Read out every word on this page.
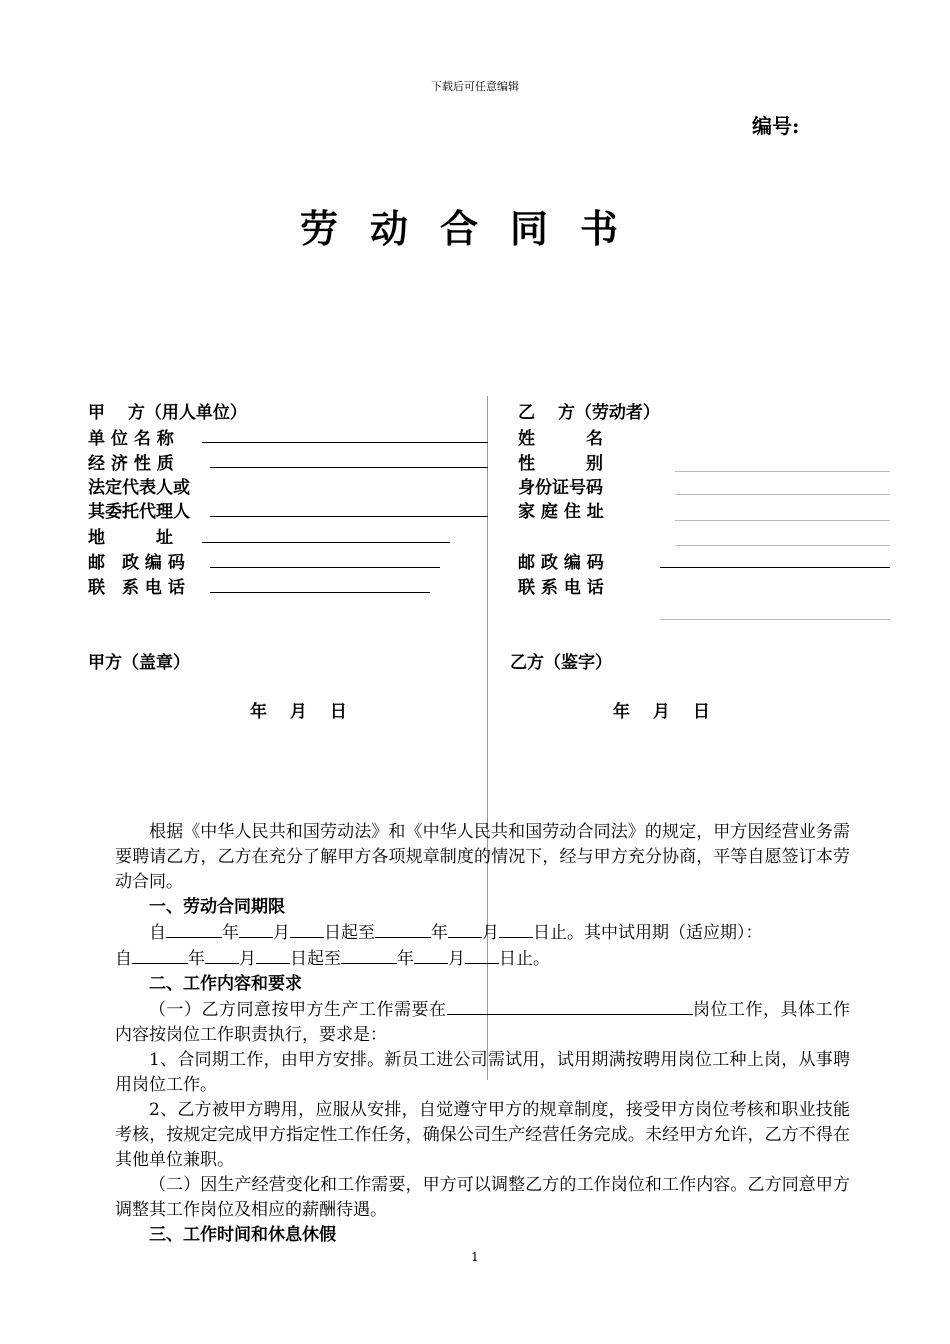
下载后可任意编辑
编号:
劳动合同书
甲　 方（用人单位）
单 位 名 称
经 济 性 质
法定代表人或
其委托代理人
地　　　址
邮　政 编 码
联　系 电 话
乙　 方（劳动者）
姓　　　名
性　　　别
身份证号码
家 庭 住 址
邮 政 编 码
联 系 电 话
甲方（盖章）	乙方（鉴字）
年　 月　 日	年　 月　 日

根据《中华人民共和国劳动法》和《中华人民共和国劳动合同法》的规定，甲方因经营业务需要聘请乙方，乙方在充分了解甲方各项规章制度的情况下，经与甲方充分协商，平等自愿签订本劳动合同。

一、劳动合同期限

自	年 月 日起至	年 月 日止。其中试用期（适应期）：

自	年 月 日起至	年 月 日止。

二、工作内容和要求

（一）乙方同意按甲方生产工作需要在	岗位工作，具体工作内容按岗位工作职责执行，要求是：

1、合同期工作，由甲方安排。新员工进公司需试用，试用期满按聘用岗位工种上岗，从事聘用岗位工作。

2、乙方被甲方聘用，应服从安排，自觉遵守甲方的规章制度，接受甲方岗位考核和职业技能考核，按规定完成甲方指定性工作任务，确保公司生产经营任务完成。未经甲方允许，乙方不得在其他单位兼职。

（二）因生产经营变化和工作需要，甲方可以调整乙方的工作岗位和工作内容。乙方同意甲方调整其工作岗位及相应的薪酬待遇。

三、工作时间和休息休假

1
